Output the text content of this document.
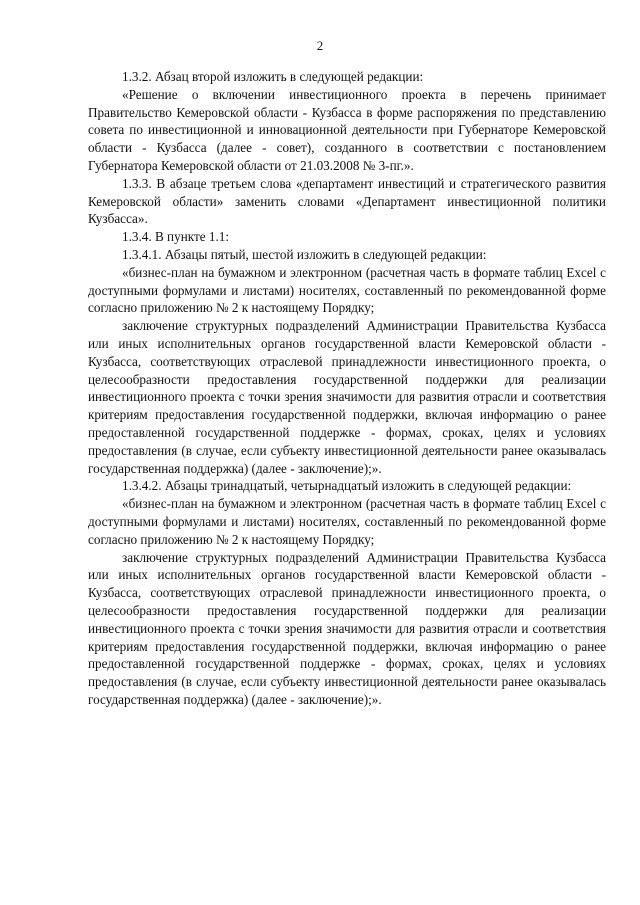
2

1.3.2. Абзац второй изложить в следующей редакции:

«Решение о включении инвестиционного проекта в перечень принимает Правительство Кемеровской области - Кузбасса в форме распоряжения по представлению совета по инвестиционной и инновационной деятельности при Губернаторе Кемеровской области - Кузбасса (далее - совет), созданного в соответствии с постановлением Губернатора Кемеровской области от 21.03.2008 № 3-пг.».

1.3.3. В абзаце третьем слова «департамент инвестиций и стратегического развития Кемеровской области» заменить словами «Департамент инвестиционной политики Кузбасса».

1.3.4. В пункте 1.1:

1.3.4.1. Абзацы пятый, шестой изложить в следующей редакции:

«бизнес-план на бумажном и электронном (расчетная часть в формате таблиц Excel с доступными формулами и листами) носителях, составленный по рекомендованной форме согласно приложению № 2 к настоящему Порядку;

заключение структурных подразделений Администрации Правительства Кузбасса или иных исполнительных органов государственной власти Кемеровской области - Кузбасса, соответствующих отраслевой принадлежности инвестиционного проекта, о целесообразности предоставления государственной поддержки для реализации инвестиционного проекта с точки зрения значимости для развития отрасли и соответствия критериям предоставления государственной поддержки, включая информацию о ранее предоставленной государственной поддержке - формах, сроках, целях и условиях предоставления (в случае, если субъекту инвестиционной деятельности ранее оказывалась государственная поддержка) (далее - заключение);».

1.3.4.2. Абзацы тринадцатый, четырнадцатый изложить в следующей редакции:

«бизнес-план на бумажном и электронном (расчетная часть в формате таблиц Excel с доступными формулами и листами) носителях, составленный по рекомендованной форме согласно приложению № 2 к настоящему Порядку;

заключение структурных подразделений Администрации Правительства Кузбасса или иных исполнительных органов государственной власти Кемеровской области - Кузбасса, соответствующих отраслевой принадлежности инвестиционного проекта, о целесообразности предоставления государственной поддержки для реализации инвестиционного проекта с точки зрения значимости для развития отрасли и соответствия критериям предоставления государственной поддержки, включая информацию о ранее предоставленной государственной поддержке - формах, сроках, целях и условиях предоставления (в случае, если субъекту инвестиционной деятельности ранее оказывалась государственная поддержка) (далее - заключение);».
